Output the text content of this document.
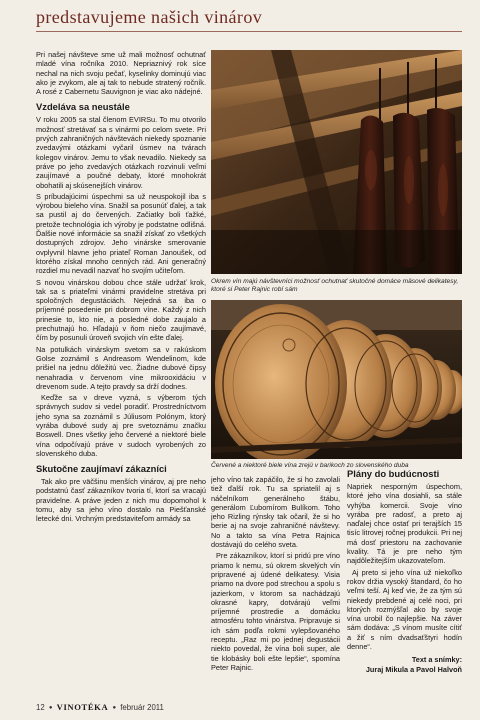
predstavujeme našich vinárov

Pri našej návšteve sme už mali možnosť ochutnať mladé vína ročníka 2010. Nepriaznivý rok síce nechal na nich svoju pečať, kyselinky dominujú viac ako je zvykom, ale aj tak to nebude stratený ročník. A rosé z Cabernetu Sauvignon je viac ako nádejné.

Vzdeláva sa neustále

V roku 2005 sa stal členom EVIRSu. To mu otvorilo možnosť stretávať sa s vinármi po celom svete. Pri prvých zahraničných návštevách niekedy spoznanie zvedavými otázkami vyčaril úsmev na tvárach kolegov vinárov. Jemu to však nevadilo. Niekedy sa práve po jeho zvedavých otázkach rozvinuli veľmi zaujímavé a poučné debaty, ktoré mnohokrát obohatili aj skúsenejších vinárov.

S príbudajúcimi úspechmi sa už neuspokojil iba s výrobou bieleho vína. Snažil sa posunúť ďalej, a tak sa pustil aj do červených. Začiatky boli ťažké, pretože technológia ich výroby je podstatne odlišná. Ďalšie nové informácie sa snažil získať zo všetkých dostupných zdrojov. Jeho vinárske smerovanie ovplyvnil hlavne jeho priateľ Roman Janoušek, od ktorého získal mnoho cenných rád. Ani generačný rozdiel mu nevadil nazvať ho svojím učiteľom.

S novou vinárskou dobou chce stále udržať krok, tak sa s priateľmi vinármi pravidelne stretáva pri spoločných degustáciách. Nejedná sa iba o príjemné posedenie pri dobrom víne. Každý z nich prinesie to, kto nie, a posledné dobe zaujalo a prechutnajú ho. Hľadajú v ňom niečo zaujímavé, čím by posunuli úroveň svojich vín ešte ďalej.

Na potulkách vinárskym svetom sa v rakúskom Golse zoznámil s Andreasom Wendelinom, kde prišiel na jednu dôležitú vec. Žiadne dubové čipsy nenahradia v červenom víne mikrooxidáciu v drevenom sude. A tejto pravdy sa drží dodnes.

Keďže sa v dreve vyzná, s výberom tých správnych sudov si vedel poradiť. Prostredníctvom jeho syna sa zoznámil s Júliusom Polónym, ktorý vyrába dubové sudy aj pre svetoznámu značku Boswell. Dnes všetky jeho červené a niektoré biele vína odpočívajú práve v sudoch vyrobených zo slovenského duba.

Skutočne zaujímaví zákazníci

Tak ako pre väčšinu menších vinárov, aj pre neho podstatnú časť zákazníkov tvoria tí, ktorí sa vracajú pravidelne. A práve jeden z nich mu dopomohol k tomu, aby sa jeho víno dostalo na Piešťanské letecké dni. Vrchným predstaviteľom armády sa

Okrem vín majú návštevníci možnosť ochutnať skutočné domáce mäsové delikatesy, ktoré si Peter Rajnic robí sám
Červené a niektoré biele vína zrejú v barikoch zo slovenského duba

jeho víno tak zapáčilo, že si ho zavolali tiež ďalší rok. Tu sa spriatelil aj s náčelníkom generálneho štábu, generálom Ľubomírom Bulíkom. Toho jeho Rizling rýnsky tak očaril, že si ho berie aj na svoje zahraničné návštevy. No a takto sa vína Petra Rajnica dostávajú do celého sveta.

Pre zákazníkov, ktorí si pridú pre víno priamo k nemu, sú okrem skvelých vín pripravené aj údené delikatesy. Visia priamo na dvore pod strechou a spolu s jazierkom, v ktorom sa nachádzajú okrasné kapry, dotvárajú veľmi príjemné prostredie a domácku atmosféru tohto vinárstva. Pripravuje si ich sám podľa rokmi vylepšovaného receptu. „Raz mi po jednej degustácii niekto povedal, že vína boli super, ale tie klobásky boli ešte lepšie“, spomína Peter Rajnic.

Plány do budúcnosti

Napriek nesporným úspechom, ktoré jeho vína dosiahli, sa stále vyhýba komercii. Svoje víno vyrába pre radosť, a preto aj naďalej chce ostať pri terajších 15 tisíc litrovej ročnej produkcii. Pri nej má dosť priestoru na zachovanie kvality. Tá je pre neho tým najdôležitejším ukazovateľom.

Aj preto si jeho vína už niekoľko rokov držia vysoký štandard, čo ho veľmi teší. Aj keď vie, že za tým sú niekedy prebdené aj celé noci, pri ktorých rozmýšľal ako by svoje vína urobil čo najlepšie. Na záver sám dodáva: „S vínom musíte cítiť a žiť s ním dvadsaťštyri hodín denne“.

Text a snímky:
Juraj Mikula a Pavol Halvoň
12 ● VINOTÉKA ● február 2011
